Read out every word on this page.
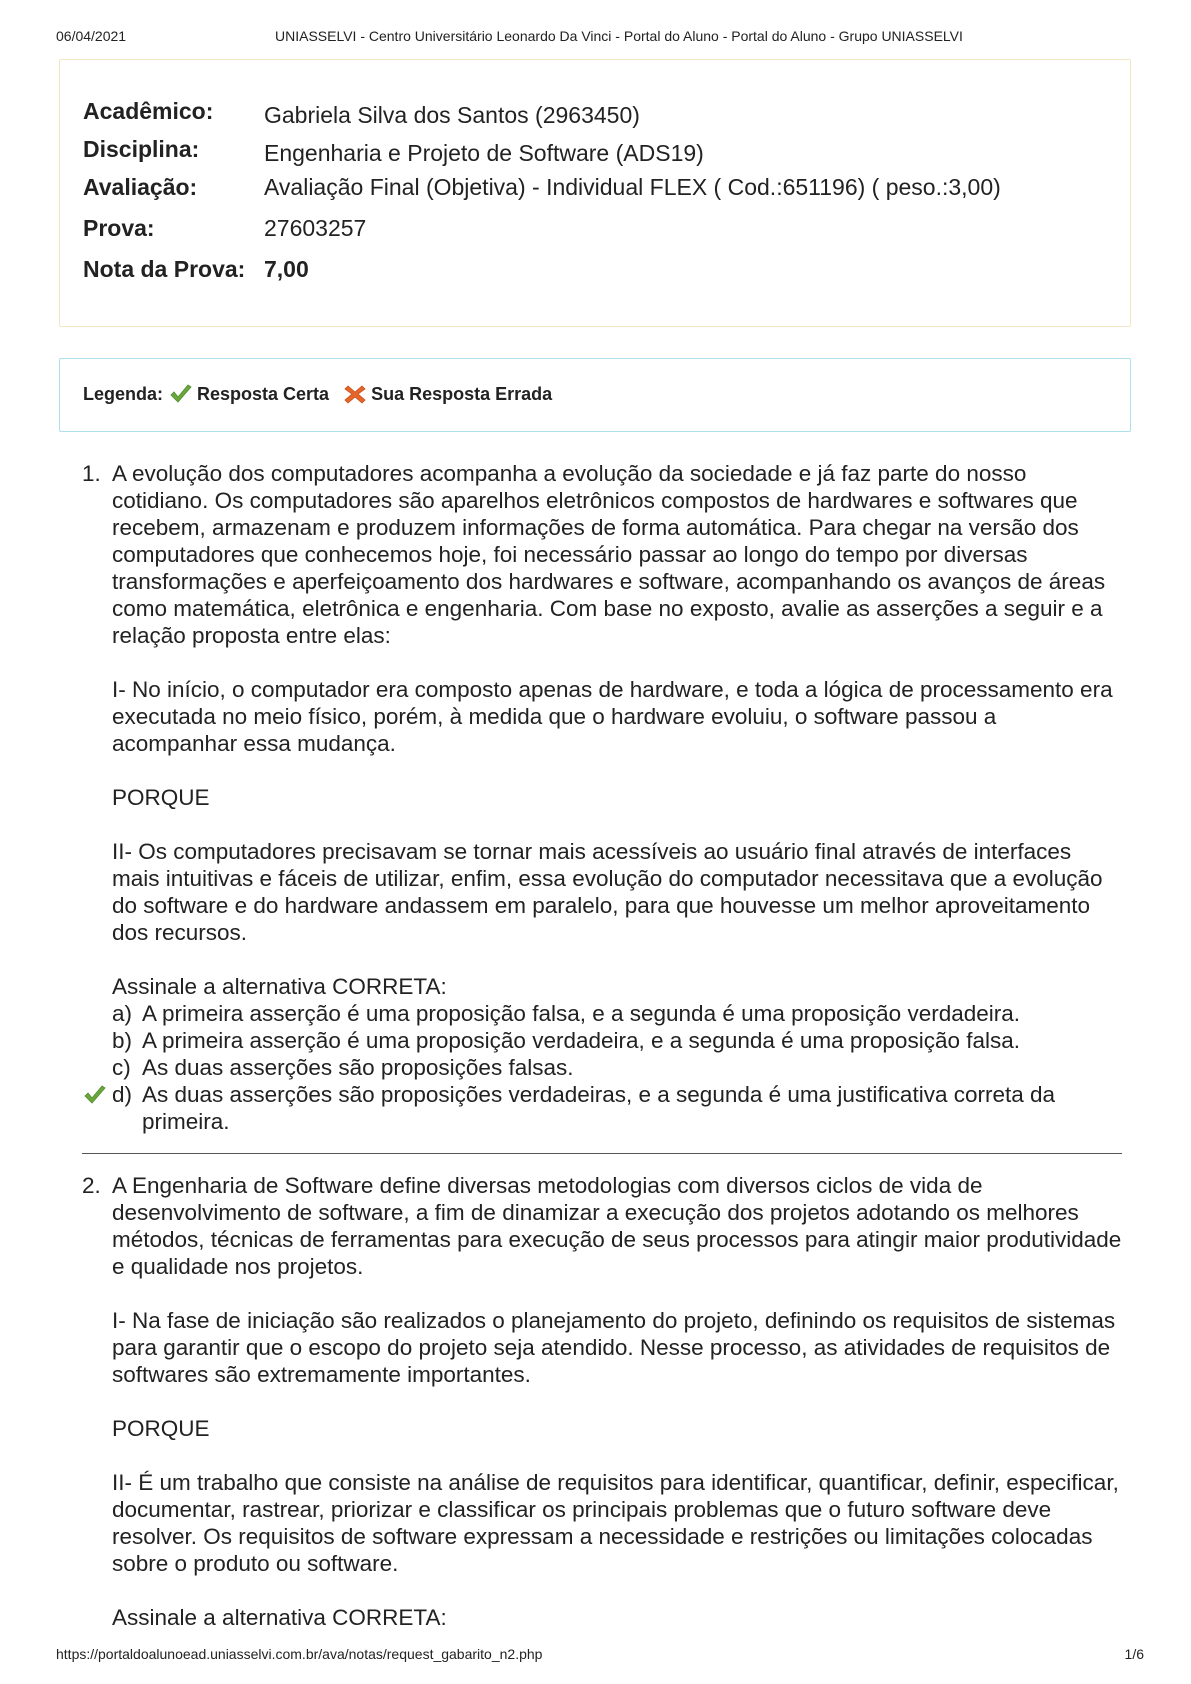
06/04/2021	UNIASSELVI - Centro Universitário Leonardo Da Vinci - Portal do Aluno - Portal do Aluno - Grupo UNIASSELVI
Acadêmico: Gabriela Silva dos Santos (2963450)
Disciplina:	Engenharia e Projeto de Software (ADS19)
Avaliação:	Avaliação Final (Objetiva) - Individual FLEX ( Cod.:651196) ( peso.:3,00)
Prova:	27603257
Nota da Prova: 7,00
Legenda: Resposta Certa Sua Resposta Errada
1. A evolução dos computadores acompanha a evolução da sociedade e já faz parte do nosso cotidiano. Os computadores são aparelhos eletrônicos compostos de hardwares e softwares que recebem, armazenam e produzem informações de forma automática. Para chegar na versão dos computadores que conhecemos hoje, foi necessário passar ao longo do tempo por diversas transformações e aperfeiçoamento dos hardwares e software, acompanhando os avanços de áreas como matemática, eletrônica e engenharia. Com base no exposto, avalie as asserções a seguir e a relação proposta entre elas:

I- No início, o computador era composto apenas de hardware, e toda a lógica de processamento era executada no meio físico, porém, à medida que o hardware evoluiu, o software passou a acompanhar essa mudança.

PORQUE

II- Os computadores precisavam se tornar mais acessíveis ao usuário final através de interfaces mais intuitivas e fáceis de utilizar, enfim, essa evolução do computador necessitava que a evolução do software e do hardware andassem em paralelo, para que houvesse um melhor aproveitamento dos recursos.

Assinale a alternativa CORRETA:

a) A primeira asserção é uma proposição falsa, e a segunda é uma proposição verdadeira.
b) A primeira asserção é uma proposição verdadeira, e a segunda é uma proposição falsa.
c) As duas asserções são proposições falsas.
d) As duas asserções são proposições verdadeiras, e a segunda é uma justificativa correta da primeira.
2. A Engenharia de Software define diversas metodologias com diversos ciclos de vida de desenvolvimento de software, a fim de dinamizar a execução dos projetos adotando os melhores métodos, técnicas de ferramentas para execução de seus processos para atingir maior produtividade e qualidade nos projetos.

I- Na fase de iniciação são realizados o planejamento do projeto, definindo os requisitos de sistemas para garantir que o escopo do projeto seja atendido. Nesse processo, as atividades de requisitos de softwares são extremamente importantes.

PORQUE

II- É um trabalho que consiste na análise de requisitos para identificar, quantificar, definir, especificar, documentar, rastrear, priorizar e classificar os principais problemas que o futuro software deve resolver. Os requisitos de software expressam a necessidade e restrições ou limitações colocadas sobre o produto ou software.

Assinale a alternativa CORRETA:

https://portaldoalunoead.uniasselvi.com.br/ava/notas/request_gabarito_n2.php	1/6
